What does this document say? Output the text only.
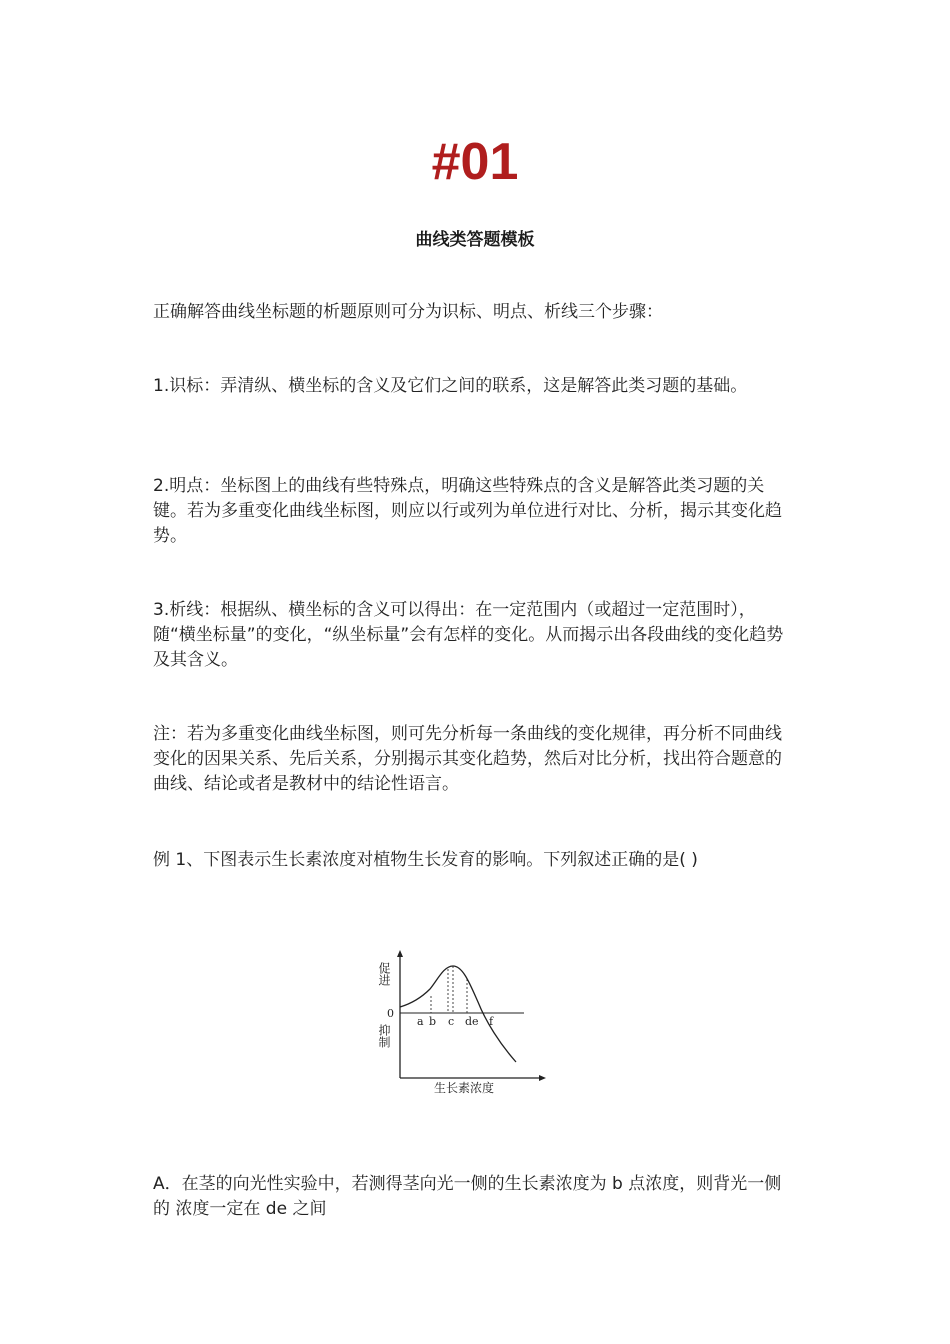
#01
曲线类答题模板

正确解答曲线坐标题的析题原则可分为识标、明点、析线三个步骤：

1.识标：弄清纵、横坐标的含义及它们之间的联系，这是解答此类习题的基础。

2.明点：坐标图上的曲线有些特殊点，明确这些特殊点的含义是解答此类习题的关键。若为多重变化曲线坐标图，则应以行或列为单位进行对比、分析，揭示其变化趋势。

3.析线：根据纵、横坐标的含义可以得出：在一定范围内（或超过一定范围时），随“横坐标量”的变化，“纵坐标量”会有怎样的变化。从而揭示出各段曲线的变化趋势及其含义。

注：若为多重变化曲线坐标图，则可先分析每一条曲线的变化规律，再分析不同曲线变化的因果关系、先后关系，分别揭示其变化趋势，然后对比分析，找出符合题意的曲线、结论或者是教材中的结论性语言。

例 1、下图表示生长素浓度对植物生长发育的影响。下列叙述正确的是( )

促进
0
抑制
a b c d e f
生长素浓度

A．在茎的向光性实验中，若测得茎向光一侧的生长素浓度为 b 点浓度，则背光一侧的 浓度一定在 de 之间
